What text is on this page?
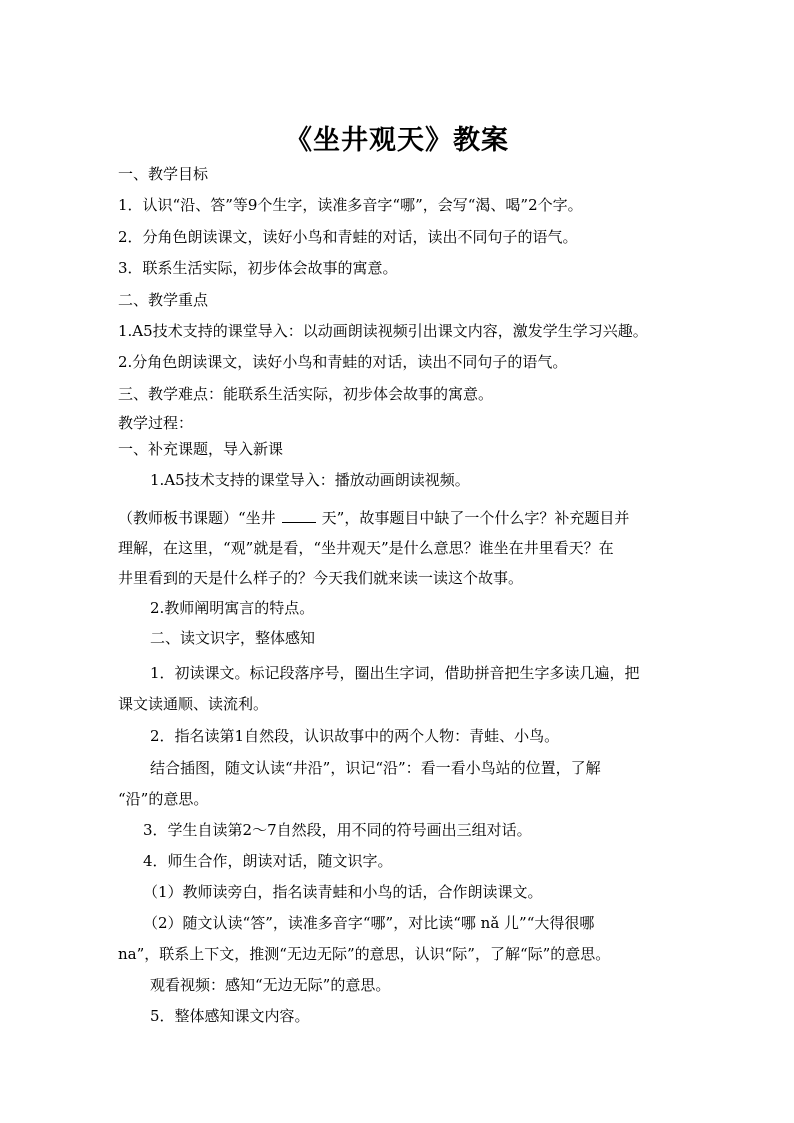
《坐井观天》教案
一、教学目标
1．认识“沿、答”等9个生字，读准多音字“哪”，会写“渴、喝”2个字。
2．分角色朗读课文，读好小鸟和青蛙的对话，读出不同句子的语气。
3．联系生活实际，初步体会故事的寓意。
二、教学重点
1.A5技术支持的课堂导入：以动画朗读视频引出课文内容，激发学生学习兴趣。
2.分角色朗读课文，读好小鸟和青蛙的对话，读出不同句子的语气。
三、教学难点：能联系生活实际，初步体会故事的寓意。
教学过程：
一、补充课题，导入新课
1.A5技术支持的课堂导入：播放动画朗读视频。
（教师板书课题）“坐井	天”，故事题目中缺了一个什么字？补充题目并
理解，在这里，“观”就是看，“坐井观天”是什么意思？谁坐在井里看天？在
井里看到的天是什么样子的？今天我们就来读一读这个故事。
2.教师阐明寓言的特点。
二、读文识字，整体感知
1．初读课文。标记段落序号，圈出生字词，借助拼音把生字多读几遍，把
课文读通顺、读流利。
2．指名读第1自然段，认识故事中的两个人物：青蛙、小鸟。
结合插图，随文认读“井沿”，识记“沿”：看一看小鸟站的位置，了解
“沿”的意思。
3．学生自读第2～7自然段，用不同的符号画出三组对话。
4．师生合作，朗读对话，随文识字。
（1）教师读旁白，指名读青蛙和小鸟的话，合作朗读课文。
（2）随文认读“答”，读准多音字“哪”，对比读“哪 nǎ 儿”“大得很哪
na”，联系上下文，推测“无边无际”的意思，认识“际”，了解“际”的意思。
观看视频：感知“无边无际”的意思。
5．整体感知课文内容。
